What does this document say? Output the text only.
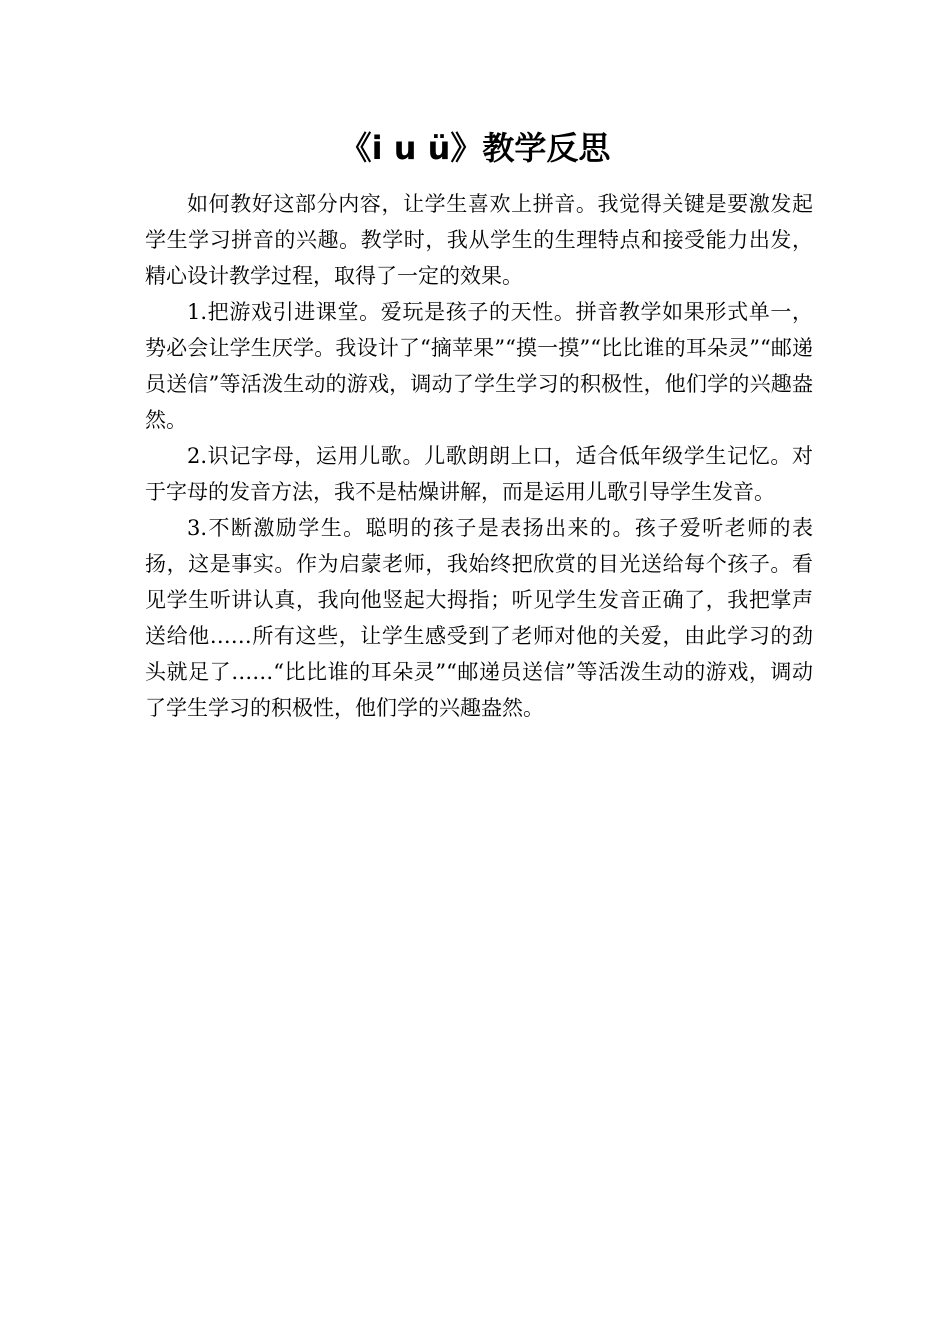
《i u ü》教学反思

如何教好这部分内容，让学生喜欢上拼音。我觉得关键是要激发起学生学习拼音的兴趣。教学时，我从学生的生理特点和接受能力出发，精心设计教学过程，取得了一定的效果。

1.把游戏引进课堂。爱玩是孩子的天性。拼音教学如果形式单一，势必会让学生厌学。我设计了“摘苹果”“摸一摸”“比比谁的耳朵灵”“邮递员送信”等活泼生动的游戏，调动了学生学习的积极性，他们学的兴趣盎然。

2.识记字母，运用儿歌。儿歌朗朗上口，适合低年级学生记忆。对于字母的发音方法，我不是枯燥讲解，而是运用儿歌引导学生发音。

3.不断激励学生。聪明的孩子是表扬出来的。孩子爱听老师的表扬，这是事实。作为启蒙老师，我始终把欣赏的目光送给每个孩子。看见学生听讲认真，我向他竖起大拇指；听见学生发音正确了，我把掌声送给他……所有这些，让学生感受到了老师对他的关爱，由此学习的劲头就足了……“比比谁的耳朵灵”“邮递员送信”等活泼生动的游戏，调动了学生学习的积极性，他们学的兴趣盎然。
